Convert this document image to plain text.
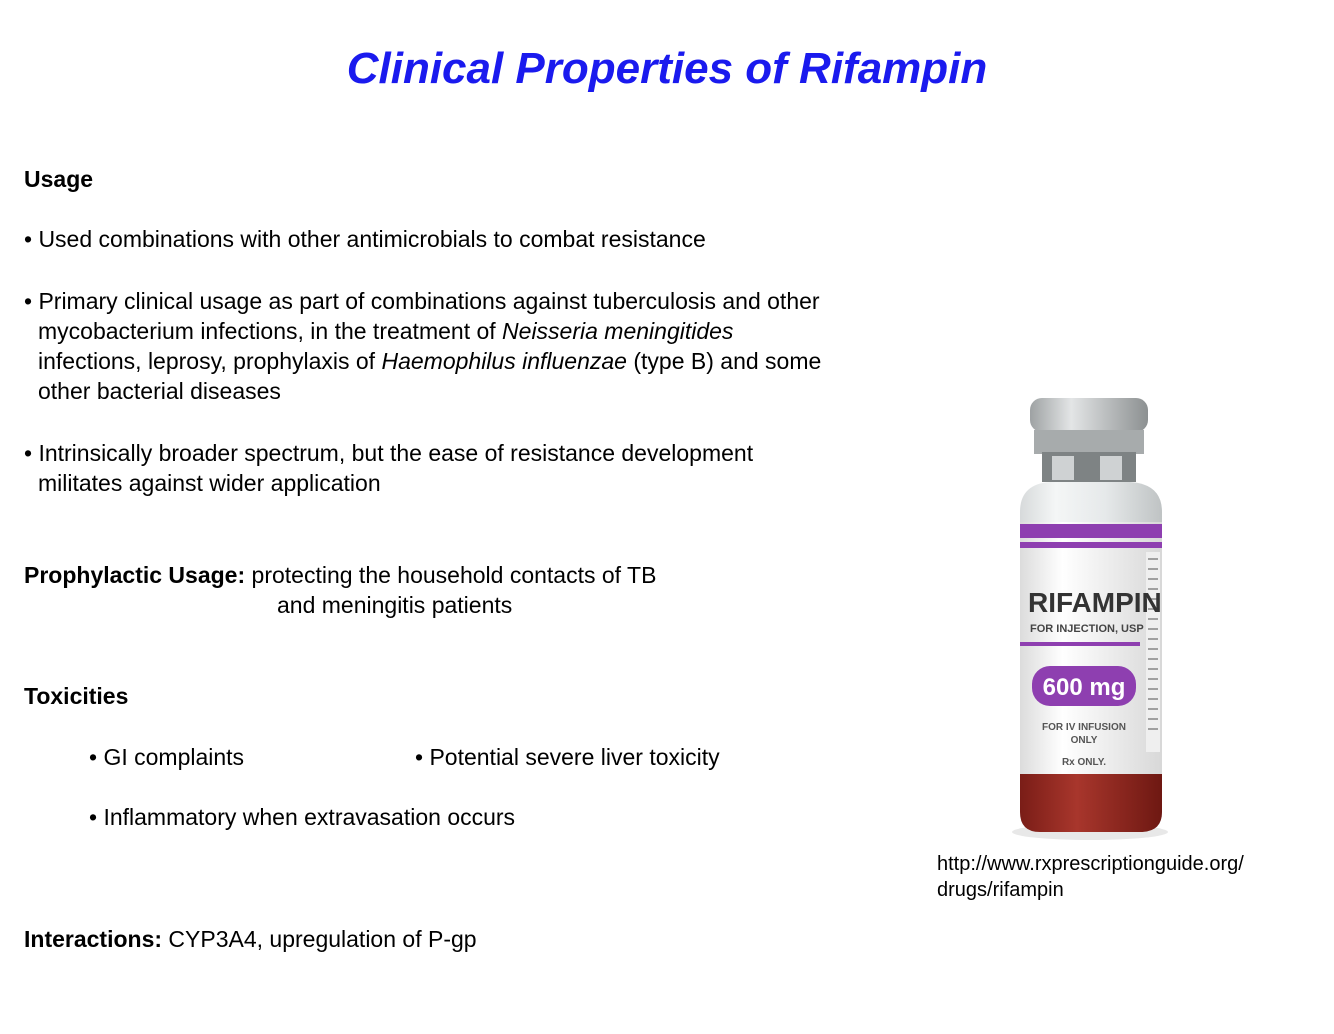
Clinical Properties of Rifampin
Usage
• Used combinations with other antimicrobials to combat resistance
• Primary clinical usage as part of combinations against tuberculosis and other
mycobacterium infections, in the treatment of Neisseria meningitides
infections, leprosy, prophylaxis of Haemophilus influenzae (type B) and some
other bacterial diseases
• Intrinsically broader spectrum, but the ease of resistance development
militates against wider application
Prophylactic Usage: protecting the household contacts of TB
and meningitis patients
Toxicities
• GI complaints	• Potential severe liver toxicity
• Inflammatory when extravasation occurs
Interactions: CYP3A4, upregulation of P-gp
RIFAMPIN
FOR INJECTION, USP
600 mg
FOR IV INFUSION
ONLY
Rx ONLY.
http://www.rxprescriptionguide.org/
drugs/rifampin
